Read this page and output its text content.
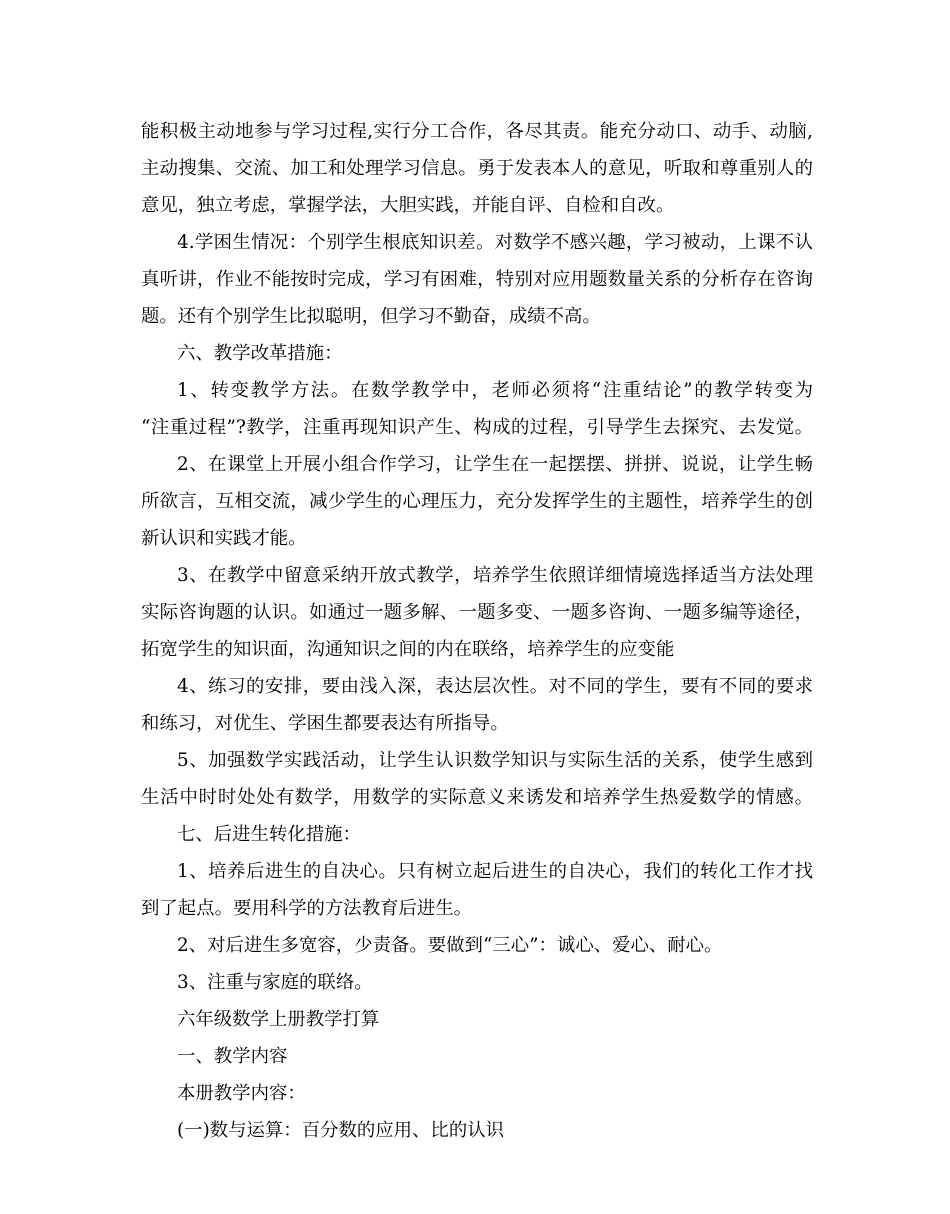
能积极主动地参与学习过程,实行分工合作，各尽其责。能充分动口、动手、动脑,

主动搜集、交流、加工和处理学习信息。勇于发表本人的意见，听取和尊重别人的

意见，独立考虑，掌握学法，大胆实践，并能自评、自检和自改。

4.学困生情况：个别学生根底知识差。对数学不感兴趣，学习被动，上课不认

真听讲，作业不能按时完成，学习有困难，特别对应用题数量关系的分析存在咨询

题。还有个别学生比拟聪明，但学习不勤奋，成绩不高。

六、教学改革措施：

1、转变教学方法。在数学教学中，老师必须将“注重结论”的教学转变为

“注重过程”?教学，注重再现知识产生、构成的过程，引导学生去探究、去发觉。

2、在课堂上开展小组合作学习，让学生在一起摆摆、拼拼、说说，让学生畅

所欲言，互相交流，减少学生的心理压力，充分发挥学生的主题性，培养学生的创

新认识和实践才能。

3、在教学中留意采纳开放式教学，培养学生依照详细情境选择适当方法处理

实际咨询题的认识。如通过一题多解、一题多变、一题多咨询、一题多编等途径，

拓宽学生的知识面，沟通知识之间的内在联络，培养学生的应变能

4、练习的安排，要由浅入深，表达层次性。对不同的学生，要有不同的要求

和练习，对优生、学困生都要表达有所指导。

5、加强数学实践活动，让学生认识数学知识与实际生活的关系，使学生感到

生活中时时处处有数学，用数学的实际意义来诱发和培养学生热爱数学的情感。

七、后进生转化措施：

1、培养后进生的自决心。只有树立起后进生的自决心，我们的转化工作才找

到了起点。要用科学的方法教育后进生。

2、对后进生多宽容，少责备。要做到“三心”：诚心、爱心、耐心。

3、注重与家庭的联络。

六年级数学上册教学打算

一、教学内容

本册教学内容：

(一)数与运算：百分数的应用、比的认识
